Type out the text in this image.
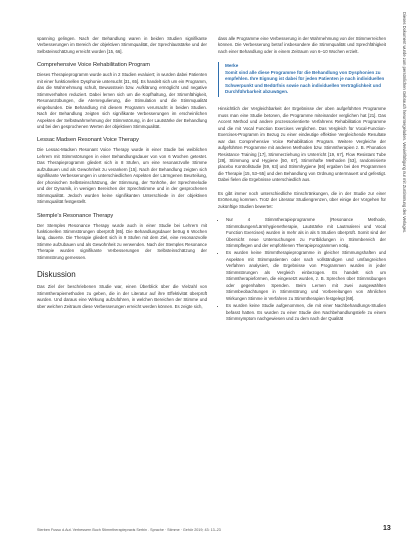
spanning gelingen. Nach der Behandlung waren in beiden Studien signifikante Verbesserungen im Bereich der objektiven Stimmqualität, der Sprechlautstärke und der Selbsteinschätzung erreicht worden [15, 66].

Comprehensive Voice Rehabilitation Program

Dieses Therapieprogramm wurde auch in 2 Studien evaluiert; in wurden dabei Patienten mit einer funktionellen Dysphonie untersucht [31, 65]. Es handelt sich um ein Programm, das die Wahrnehmung schult, Bewusstsein bzw. Aufklärung ermöglicht und negative Stimmverhalten reduziert. Dabei lernen sich um die Kopfhaltung, der Stimmfähigkeit, Resonanzübungen, die Atemregulierung, die Stimulation und die Stimmqualität eingebunden. Die Behandlung mit diesem Programm verursacht in beiden Studien. Nach der Behandlung zeigten sich signifikante Verbesserungen im erscheinlichen Aspekten der Selbstwahrnehmung der Stimmstörung, in der Lautstärke der Behandlung und bei den gesprochenen Werten der objektiven Stimmqualität.

Lessac Madsen Resonant Voice Therapy

Die Lessac-Madsen Resonant Voice Therapy wurde in einer Studie bei weiblichen Lehrern mit Stimmstörungen in einer Behandlungsdauer von von 6 Wochen getestet. Das Therapieprogramm gliedert sich in 8 Stufen, um eine resonanzvolle Stimme aufzubauen und als Gewohnheit zu verankern [15]. Nach der Behandlung zeigten sich signifikante Verbesserungen in unterschiedlichen Aspekten der Lärmgenen Beurteilung, der phonischen Selbsteinschätzung, der Stimmung, der Tonhöhe, der Sprechmelodie und der Dynamik, in wenigen Bereichen der Sprechstimme und in der gesprochenen Stimmqualität. Jedoch wurden keine signifikanten Unterschiede in der objektiven Stimmqualität festgestellt.

Stemple's Resonance Therapy

Der Stemples Resonance Therapy wurde auch in einer Studie bei Lehrern mit funktionellen Stimmstörungen überprüft [65]. Die Behandlungsdauer betrug 6 Wochen lang, dauerte. Die Therapie gliedert sich in 9 Stufen mit dem Ziel, eine resonanzvolle Stimme aufzubauen und als Gewohnheit zu verwenden. Nach der Stemples Resonance Therapie wurden signifikante Verbesserungen der Selbsteinschätzung der Stimmstörung gemessen.

Diskussion

Das Ziel der beschriebenen Studie war, einen Überblick über die Vielzahl von Stimmtherapiemethoden zu geben, die in der Literatur auf ihre Effektivität überprüft wurden. Und daraus eine Wirkung aufzuführen, in welchen Bereichen der Stimme und über welchen Zeitraum diese Verbesserungen erreicht werden können. Es zeigte sich,

dass alle Programme eine Verbesserung in der Wahrnehmung von der Stimmerreichen können. Die Verbesserung betraf insbesondere die Stimmqualität und Sprechfähigkeit nach einer Behandlung oder in einem Zeitraum von 6–10 Wochen erzielt.

Merke
Somit sind alle diese Programme für die Behandlung von Dysphonien zu empfehlen. Ihre Eignung ist dabei für jeden Patienten je nach individuellen Schwerpunkt und Bedürfnis sowie nach individuellen Verträglichkeit und Durchführbarkeit abzuwägen.

Hinsichtlich der Vergleichbarkeit der Ergebnisse der oben aufgeführten Programme muss man eine Studie betonen, die Programme miteinander verglichen hat [21]. Das Accent Method und andere prozessorientierte Verfahrens Rehabilitation Programme und die mit Vocal Function Exercises verglichen. Das Vergleich für Vocal-Function-Exercises-Programm im Bezug zu einer eindeutige effektive Vergleichende Resultate war das Comprehensive Voice Rehabilitation Program. Weitere Vergleiche der aufgeführten Programme mit anderen Methoden bzw. Stimmtherapien z. B. Phonation Resistance Training [17], Stimmerziehung im Unterricht [19, 67], Flow Resistant Tube [28], Stimmung und Hygiene [50, 67], Stimmhafte Methoden [53], randomisierte placebo Kontrollstudie [59, 63] und Stimmhygiene [66] ergaben bei den Programmen die Therapie [15, 53–55] und den Behandlung von Ordnung untermauert und gefestigt. Dabei fielen die Ergebnisse unterschiedlich aus.

Es gibt immer noch unterschiedliche Einschränkungen, die in der Studie zur einer Erörterung kommen. Trotz der Literatur Studiengrenzen, über einige der Vorgehen für zukünftige Studien bewertet:

• Nur 4 Stimmtherapieprogramme (Resonance Methode, Stimmübungen/Lärmhygienetherapie, Lautstärke mit Lautmalerei und Vocal Function Exercises) wurden in mehr als in als 5 Studien überprüft. Somit sind der Übersicht neue Untersuchungen zu Fortbildungen in Stimmbereich der Stimmpflegen und der empfohlenen Therapieprogrammen nötig.
• Es wurden keine Stimmtherapieprogramme in gleicher Stimmungshaften und Aspekten mit Stimmpatienten oder nach vollständigen und umfangreichen Verfahren analysiert, die Ergebnisse von Programmen wurden in jeder Stimmstörungen als Vergleich einbezogen. Es handelt sich um Stimmtherapieformen, die eingesetzt wurden, z. B. Sprechen über Stimmübungen oder gegenhalten Spenden. Beim Lernen mit zwei ausgewählten Stimmbeobachtungen in Stimmstörung und Vorbereitungen von ähnlichen Wirkungen Stimme in Verfahren zu Stimmtherapien festgelegt [68].
• Es wurden keine Studie aufgenommen, die mit einer Nachbehandlungs-Studien befasst hatten. Es wurden zu einer Studie den Nachbehandlungstiefe zu einem Stimmsymptom nachgewiesen und zu dem nach der Qualität
Sterben Fusso d.Aut. Verbessern Buch Stimmtherapiepraxis Serbin . Sprache · Stimme · Gehör 2019; 43: 13–23	13
Dieses Dokument wurde zum persönlichen Gebrauch heruntergeladen. Vervielfältigung nur mit Zustimmung des Verlages.
